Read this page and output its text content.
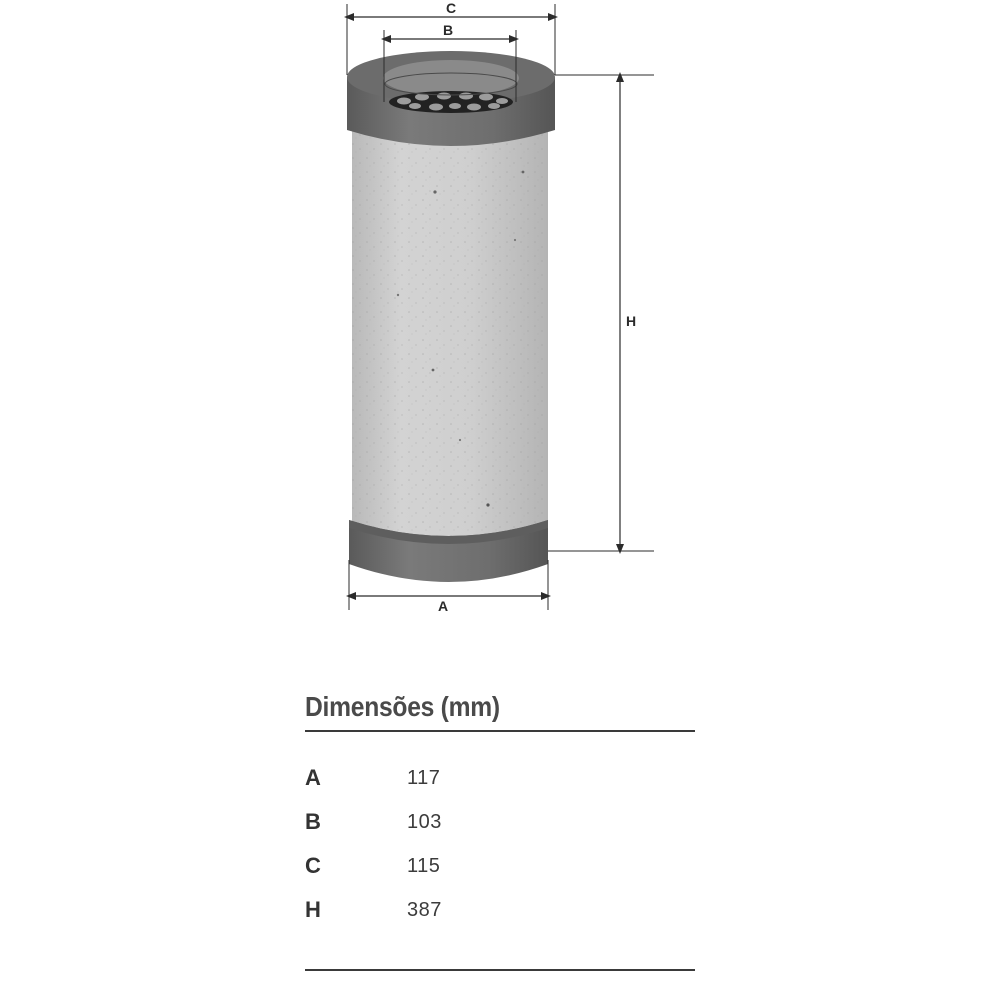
C
B
H
A
Dimensões (mm)
A	117
B	103
C	115
H	387
